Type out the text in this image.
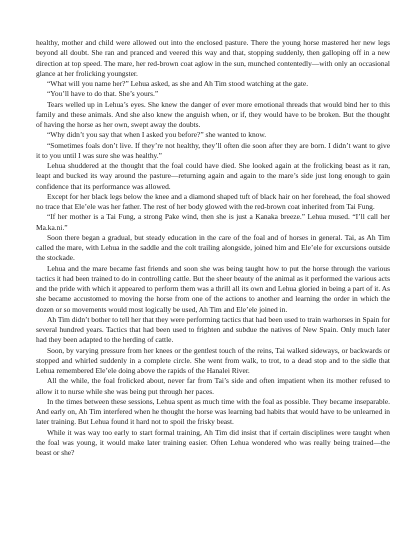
healthy, mother and child were allowed out into the enclosed pasture. There the young horse mastered her new legs beyond all doubt. She ran and pranced and veered this way and that, stopping suddenly, then galloping off in a new direction at top speed. The mare, her red-brown coat aglow in the sun, munched contentedly—with only an occasional glance at her frolicking youngster.

“What will you name her?” Lehua asked, as she and Ah Tim stood watching at the gate.

“You’ll have to do that. She’s yours.”

Tears welled up in Lehua’s eyes. She knew the danger of ever more emotional threads that would bind her to this family and these animals. And she also knew the anguish when, or if, they would have to be broken. But the thought of having the horse as her own, swept away the doubts.

“Why didn’t you say that when I asked you before?” she wanted to know.

“Sometimes foals don’t live. If they’re not healthy, they’ll often die soon after they are born. I didn’t want to give it to you until I was sure she was healthy.”

Lehua shuddered at the thought that the foal could have died. She looked again at the frolicking beast as it ran, leapt and bucked its way around the pasture—returning again and again to the mare’s side just long enough to gain confidence that its performance was allowed.

Except for her black legs below the knee and a diamond shaped tuft of black hair on her forehead, the foal showed no trace that Ele’ele was her father. The rest of her body glowed with the red-brown coat inherited from Tai Fung.

“If her mother is a Tai Fung, a strong Pake wind, then she is just a Kanaka breeze.” Lehua mused. “I’ll call her Ma.ka.ni.”

Soon there began a gradual, but steady education in the care of the foal and of horses in general. Tai, as Ah Tim called the mare, with Lehua in the saddle and the colt trailing alongside, joined him and Ele’ele for excursions outside the stockade.

Lehua and the mare became fast friends and soon she was being taught how to put the horse through the various tactics it had been trained to do in controlling cattle. But the sheer beauty of the animal as it performed the various acts and the pride with which it appeared to perform them was a thrill all its own and Lehua gloried in being a part of it. As she became accustomed to moving the horse from one of the actions to another and learning the order in which the dozen or so movements would most logically be used, Ah Tim and Ele’ele joined in.

Ah Tim didn’t bother to tell her that they were performing tactics that had been used to train warhorses in Spain for several hundred years. Tactics that had been used to frighten and subdue the natives of New Spain. Only much later had they been adapted to the herding of cattle.

Soon, by varying pressure from her knees or the gentlest touch of the reins, Tai walked sideways, or backwards or stopped and whirled suddenly in a complete circle. She went from walk, to trot, to a dead stop and to the sidle that Lehua remembered Ele’ele doing above the rapids of the Hanalei River.

All the while, the foal frolicked about, never far from Tai’s side and often impatient when its mother refused to allow it to nurse while she was being put through her paces.

In the times between these sessions, Lehua spent as much time with the foal as possible. They became inseparable. And early on, Ah Tim interfered when he thought the horse was learning bad habits that would have to be unlearned in later training. But Lehua found it hard not to spoil the frisky beast.

While it was way too early to start formal training, Ah Tim did insist that if certain disciplines were taught when the foal was young, it would make later training easier. Often Lehua wondered who was really being trained—the beast or she?
